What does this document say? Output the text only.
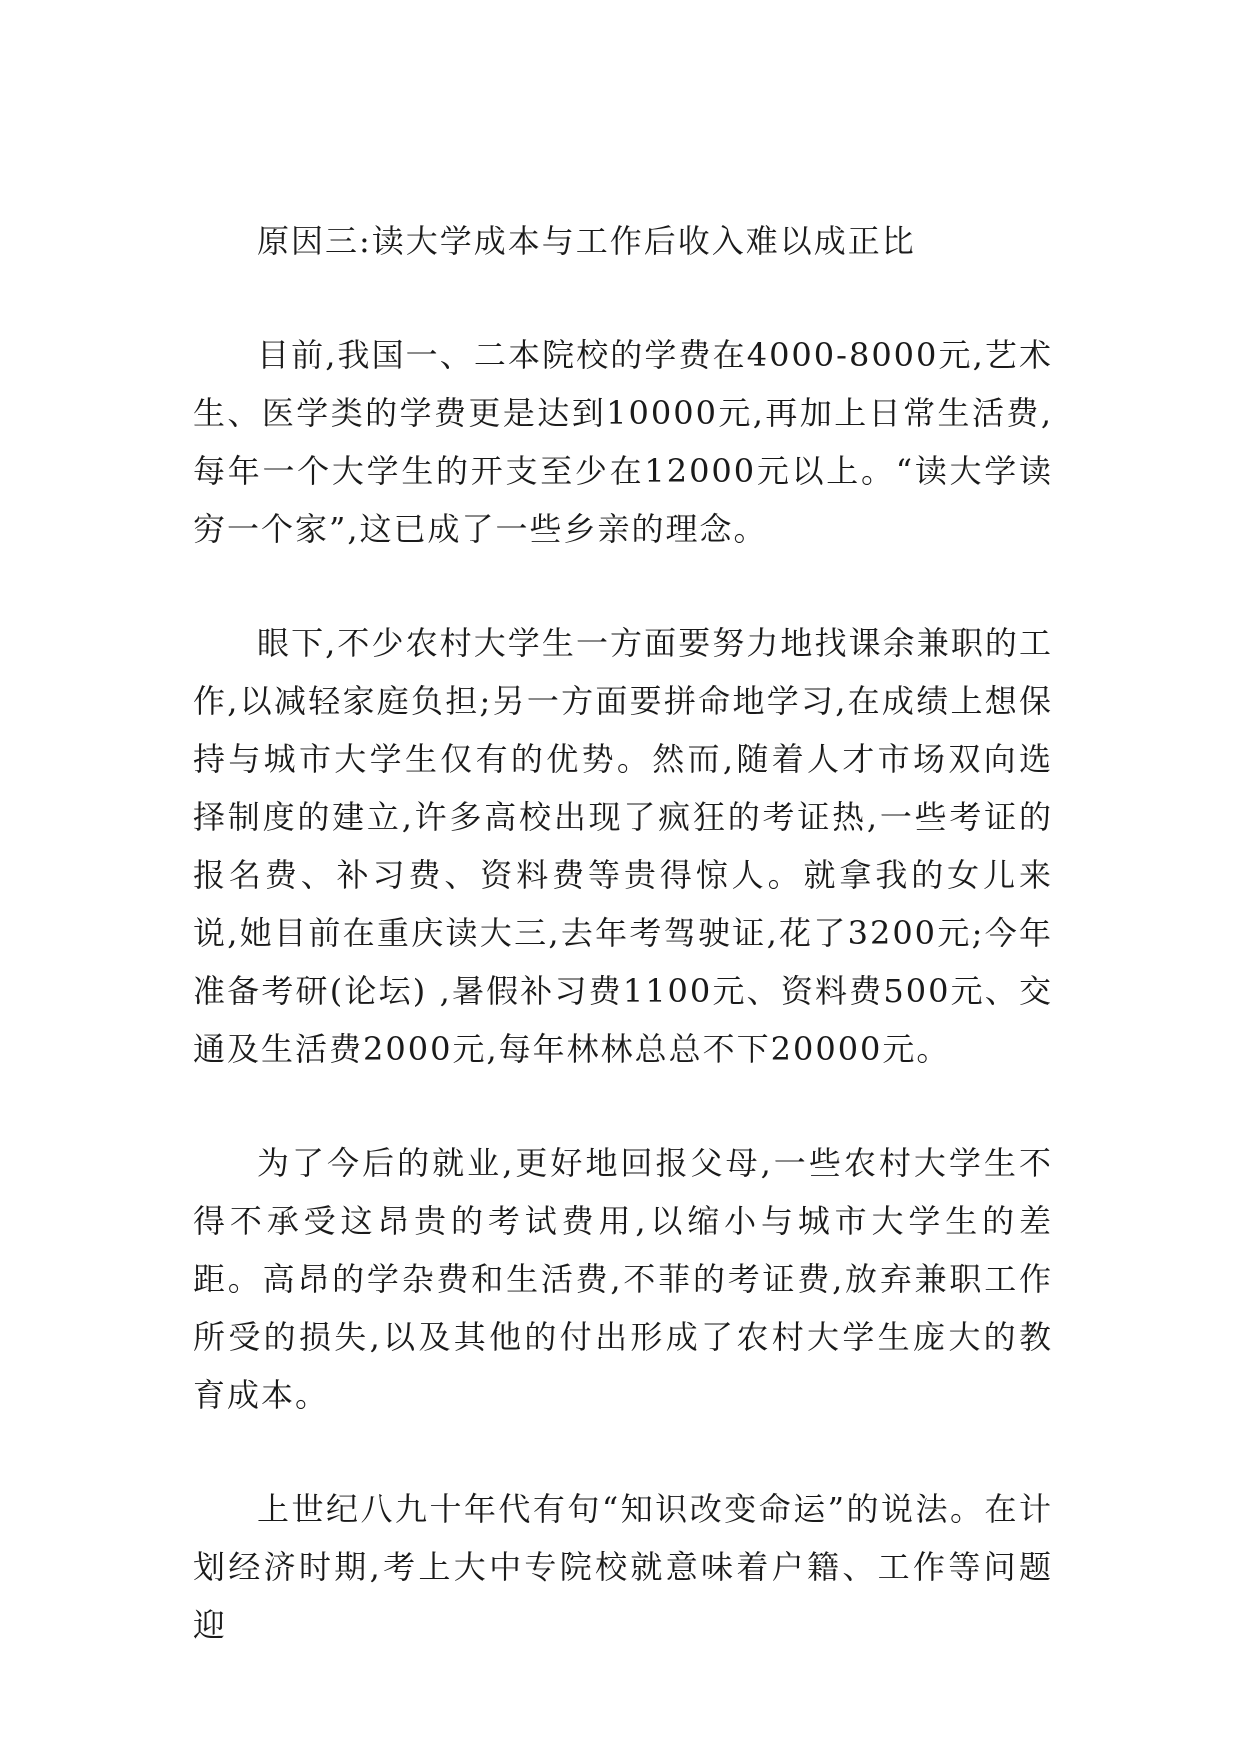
原因三:读大学成本与工作后收入难以成正比

目前,我国一、二本院校的学费在4000-8000元,艺术生、医学类的学费更是达到10000元,再加上日常生活费,每年一个大学生的开支至少在12000元以上。“读大学读穷一个家”,这已成了一些乡亲的理念。

眼下,不少农村大学生一方面要努力地找课余兼职的工作,以减轻家庭负担;另一方面要拼命地学习,在成绩上想保持与城市大学生仅有的优势。然而,随着人才市场双向选择制度的建立,许多高校出现了疯狂的考证热,一些考证的报名费、补习费、资料费等贵得惊人。就拿我的女儿来说,她目前在重庆读大三,去年考驾驶证,花了3200元;今年准备考研(论坛) ,暑假补习费1100元、资料费500元、交通及生活费2000元,每年林林总总不下20000元。

为了今后的就业,更好地回报父母,一些农村大学生不得不承受这昂贵的考试费用,以缩小与城市大学生的差距。高昂的学杂费和生活费,不菲的考证费,放弃兼职工作所受的损失,以及其他的付出形成了农村大学生庞大的教育成本。

上世纪八九十年代有句“知识改变命运”的说法。在计划经济时期,考上大中专院校就意味着户籍、工作等问题迎
